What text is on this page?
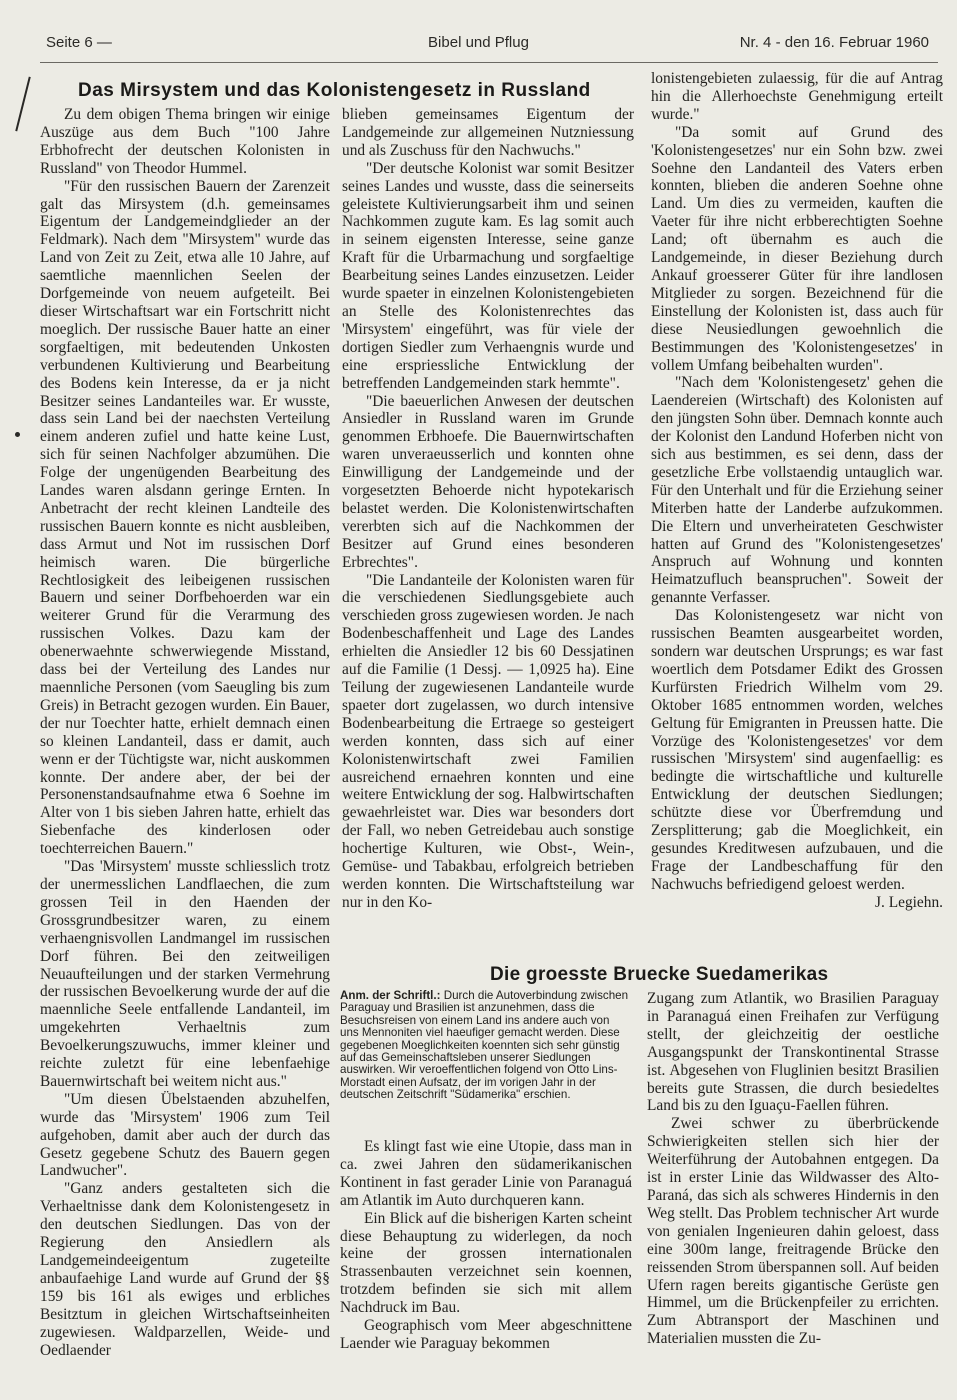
Seite 6 —	Bibel und Pflug	Nr. 4 - den 16. Februar 1960
Das Mirsystem und das Kolonistengesetz in Russland

Zu dem obigen Thema bringen wir einige Auszüge aus dem Buch "100 Jahre Erbhofrecht der deutschen Kolonisten in Russland" von Theodor Hummel.

"Für den russischen Bauern der Zarenzeit galt das Mirsystem (d.h. gemeinsames Eigentum der Landgemeindglieder an der Feldmark). Nach dem "Mirsystem" wurde das Land von Zeit zu Zeit, etwa alle 10 Jahre, auf saemtliche maennlichen Seelen der Dorfgemeinde von neuem aufgeteilt. Bei dieser Wirtschaftsart war ein Fortschritt nicht moeglich. Der russische Bauer hatte an einer sorgfaeltigen, mit bedeutenden Unkosten verbundenen Kultivierung und Bearbeitung des Bodens kein Interesse, da er ja nicht Besitzer seines Landanteiles war. Er wusste, dass sein Land bei der naechsten Verteilung einem anderen zufiel und hatte keine Lust, sich für seinen Nachfolger abzumühen. Die Folge der ungenügenden Bearbeitung des Landes waren alsdann geringe Ernten. In Anbetracht der recht kleinen Landteile des russischen Bauern konnte es nicht ausbleiben, dass Armut und Not im russischen Dorf heimisch waren. Die bürgerliche Rechtlosigkeit des leibeigenen russischen Bauern und seiner Dorfbehoerden war ein weiterer Grund für die Verarmung des russischen Volkes. Dazu kam der obenerwaehnte schwerwiegende Misstand, dass bei der Verteilung des Landes nur maennliche Personen (vom Saeugling bis zum Greis) in Betracht gezogen wurden. Ein Bauer, der nur Toechter hatte, erhielt demnach einen so kleinen Landanteil, dass er damit, auch wenn er der Tüchtigste war, nicht auskommen konnte. Der andere aber, der bei der Personenstandsaufnahme etwa 6 Soehne im Alter von 1 bis sieben Jahren hatte, erhielt das Siebenfache des kinderlosen oder toechterreichen Bauern."

"Das 'Mirsystem' musste schliesslich trotz der unermesslichen Landflaechen, die zum grossen Teil in den Haenden der Grossgrundbesitzer waren, zu einem verhaengnisvollen Landmangel im russischen Dorf führen. Bei den zeitweiligen Neuaufteilungen und der starken Vermehrung der russischen Bevoelkerung wurde der auf die maennliche Seele entfallende Landanteil, im umgekehrten Verhaeltnis zum Bevoelkerungszuwuchs, immer kleiner und reichte zuletzt für eine lebenfaehige Bauernwirtschaft bei weitem nicht aus."

"Um diesen Übelstaenden abzuhelfen, wurde das 'Mirsystem' 1906 zum Teil aufgehoben, damit aber auch der durch das Gesetz gegebene Schutz des Bauern gegen Landwucher".

"Ganz anders gestalteten sich die Verhaeltnisse dank dem Kolonistengesetz in den deutschen Siedlungen. Das von der Regierung den Ansiedlern als Landgemeindeeigentum zugeteilte anbaufaehige Land wurde auf Grund der §§ 159 bis 161 als ewiges und erbliches Besitztum in gleichen Wirtschaftseinheiten zugewiesen. Waldparzellen, Weide- und Oedlaender

blieben gemeinsames Eigentum der Landgemeinde zur allgemeinen Nutzniessung und als Zuschuss für den Nachwuchs."

"Der deutsche Kolonist war somit Besitzer seines Landes und wusste, dass die seinerseits geleistete Kultivierungsarbeit ihm und seinen Nachkommen zugute kam. Es lag somit auch in seinem eigensten Interesse, seine ganze Kraft für die Urbarmachung und sorgfaeltige Bearbeitung seines Landes einzusetzen. Leider wurde spaeter in einzelnen Kolonistengebieten an Stelle des Kolonistenrechtes das 'Mirsystem' eingeführt, was für viele der dortigen Siedler zum Verhaengnis wurde und eine erspriessliche Entwicklung der betreffenden Landgemeinden stark hemmte".

"Die baeuerlichen Anwesen der deutschen Ansiedler in Russland waren im Grunde genommen Erbhoefe. Die Bauernwirtschaften waren unveraeusserlich und konnten ohne Einwilligung der Landgemeinde und der vorgesetzten Behoerde nicht hypotekarisch belastet werden. Die Kolonistenwirtschaften vererbten sich auf die Nachkommen der Besitzer auf Grund eines besonderen Erbrechtes".

"Die Landanteile der Kolonisten waren für die verschiedenen Siedlungsgebiete auch verschieden gross zugewiesen worden. Je nach Bodenbeschaffenheit und Lage des Landes erhielten die Ansiedler 12 bis 60 Dessjatinen auf die Familie (1 Dessj. — 1,0925 ha). Eine Teilung der zugewiesenen Landanteile wurde spaeter dort zugelassen, wo durch intensive Bodenbearbeitung die Ertraege so gesteigert werden konnten, dass sich auf einer Kolonistenwirtschaft zwei Familien ausreichend ernaehren konnten und eine weitere Entwicklung der sog. Halbwirtschaften gewaehrleistet war. Dies war besonders dort der Fall, wo neben Getreidebau auch sonstige hochertige Kulturen, wie Obst-, Wein-, Gemüse- und Tabakbau, erfolgreich betrieben werden konnten. Die Wirtschaftsteilung war nur in den Ko-

lonistengebieten zulaessig, für die auf Antrag hin die Allerhoechste Genehmigung erteilt wurde."

"Da somit auf Grund des 'Kolonistengesetzes' nur ein Sohn bzw. zwei Soehne den Landanteil des Vaters erben konnten, blieben die anderen Soehne ohne Land. Um dies zu vermeiden, kauften die Vaeter für ihre nicht erbberechtigten Soehne Land; oft übernahm es auch die Landgemeinde, in dieser Beziehung durch Ankauf groesserer Güter für ihre landlosen Mitglieder zu sorgen. Bezeichnend für die Einstellung der Kolonisten ist, dass auch für diese Neusiedlungen gewoehnlich die Bestimmungen des 'Kolonistengesetzes' in vollem Umfang beibehalten wurden".

"Nach dem 'Kolonistengesetz' gehen die Laendereien (Wirtschaft) des Kolonisten auf den jüngsten Sohn über. Demnach konnte auch der Kolonist den Landund Hoferben nicht von sich aus bestimmen, es sei denn, dass der gesetzliche Erbe vollstaendig untauglich war. Für den Unterhalt und für die Erziehung seiner Miterben hatte der Landerbe aufzukommen. Die Eltern und unverheirateten Geschwister hatten auf Grund des "Kolonistengesetzes' Anspruch auf Wohnung und konnten Heimatzufluch beanspruchen". Soweit der genannte Verfasser.

Das Kolonistengesetz war nicht von russischen Beamten ausgearbeitet worden, sondern war deutschen Ursprungs; es war fast woertlich dem Potsdamer Edikt des Grossen Kurfürsten Friedrich Wilhelm vom 29. Oktober 1685 entnommen worden, welches Geltung für Emigranten in Preussen hatte. Die Vorzüge des 'Kolonistengesetzes' vor dem russischen 'Mirsystem' sind augenfaellig: es bedingte die wirtschaftliche und kulturelle Entwicklung der deutschen Siedlungen; schützte diese vor Überfremdung und Zersplitterung; gab die Moeglichkeit, ein gesundes Kreditwesen aufzubauen, und die Frage der Landbeschaffung für den Nachwuchs befriedigend geloest werden.

J. Legiehn.

Die groesste Bruecke Suedamerikas
Anm. der Schriftl.: Durch die Autoverbindung zwischen Paraguay und Brasilien ist anzunehmen, dass die Besuchsreisen von einem Land ins andere auch von uns Mennoniten viel haeufiger gemacht werden. Diese gegebenen Moeglichkeiten koennten sich sehr günstig auf das Gemeinschaftsleben unserer Siedlungen auswirken. Wir veroeffentlichen folgend von Otto Lins-Morstadt einen Aufsatz, der im vorigen Jahr in der deutschen Zeitschrift "Südamerika" erschien.

Es klingt fast wie eine Utopie, dass man in ca. zwei Jahren den südamerikanischen Kontinent in fast gerader Linie von Paranaguá am Atlantik im Auto durchqueren kann.

Ein Blick auf die bisherigen Karten scheint diese Behauptung zu widerlegen, da noch keine der grossen internationalen Strassenbauten verzeichnet sein koennen, trotzdem befinden sie sich mit allem Nachdruck im Bau.

Geographisch vom Meer abgeschnittene Laender wie Paraguay bekommen

Zugang zum Atlantik, wo Brasilien Paraguay in Paranaguá einen Freihafen zur Verfügung stellt, der gleichzeitig der oestliche Ausgangspunkt der Transkontinental Strasse ist. Abgesehen von Fluglinien besitzt Brasilien bereits gute Strassen, die durch besiedeltes Land bis zu den Iguaçu-Faellen führen.

Zwei schwer zu überbrückende Schwierigkeiten stellen sich hier der Weiterführung der Autobahnen entgegen. Da ist in erster Linie das Wildwasser des Alto-Paraná, das sich als schweres Hindernis in den Weg stellt. Das Problem technischer Art wurde von genialen Ingenieuren dahin geloest, dass eine 300m lange, freitragende Brücke den reissenden Strom überspannen soll. Auf beiden Ufern ragen bereits gigantische Gerüste gen Himmel, um die Brückenpfeiler zu errichten. Zum Abtransport der Maschinen und Materialien mussten die Zu-
